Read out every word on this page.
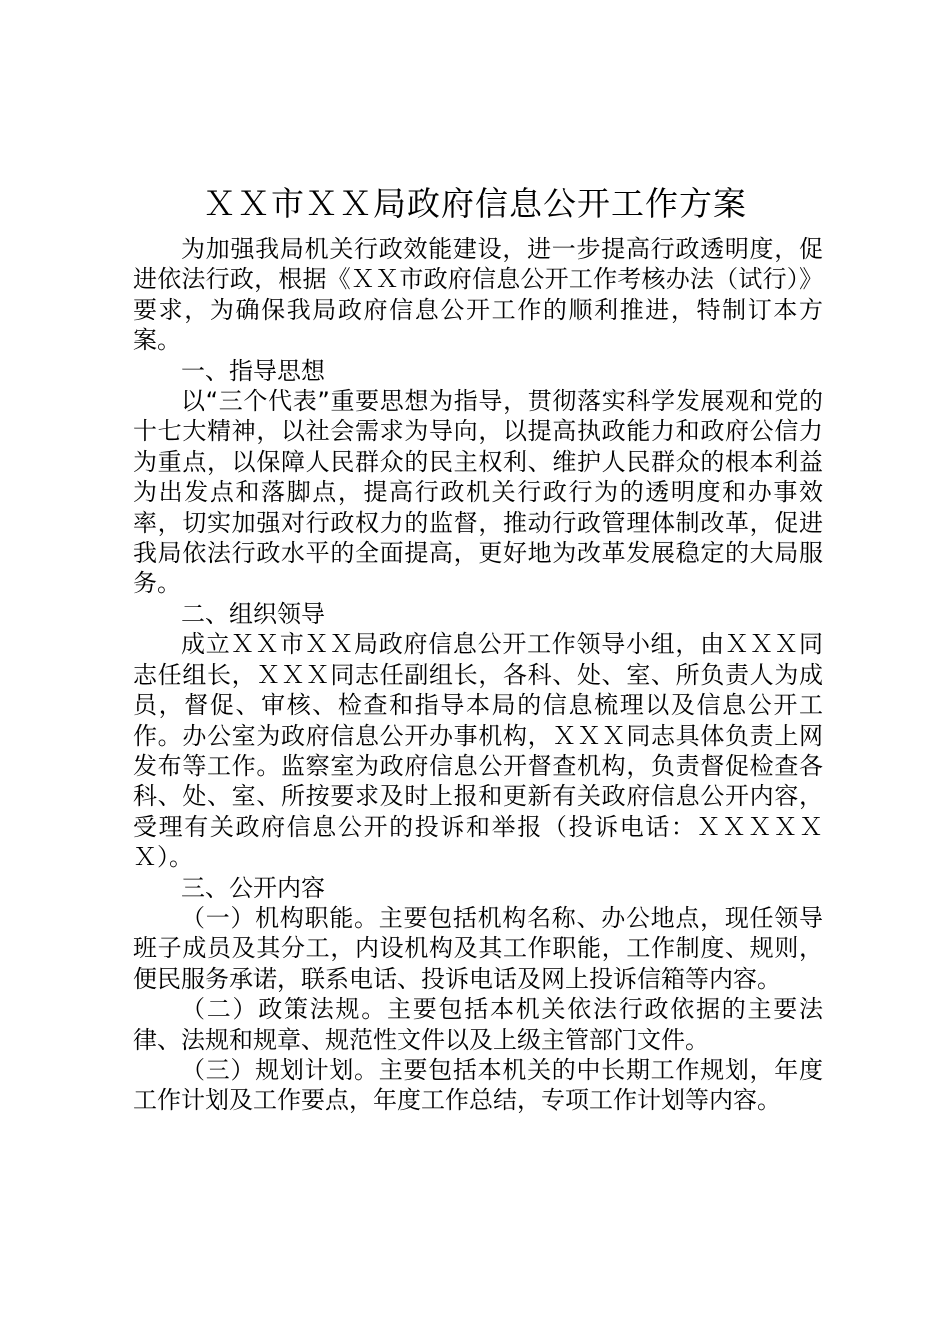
ＸＸ市ＸＸ局政府信息公开工作方案

为加强我局机关行政效能建设，进一步提高行政透明度，促进依法行政，根据《ＸＸ市政府信息公开工作考核办法（试行）》要求，为确保我局政府信息公开工作的顺利推进，特制订本方案。

一、指导思想

以“三个代表”重要思想为指导，贯彻落实科学发展观和党的十七大精神，以社会需求为导向，以提高执政能力和政府公信力为重点，以保障人民群众的民主权利、维护人民群众的根本利益为出发点和落脚点，提高行政机关行政行为的透明度和办事效率，切实加强对行政权力的监督，推动行政管理体制改革，促进我局依法行政水平的全面提高，更好地为改革发展稳定的大局服务。

二、组织领导

成立ＸＸ市ＸＸ局政府信息公开工作领导小组，由ＸＸＸ同志任组长，ＸＸＸ同志任副组长，各科、处、室、所负责人为成员，督促、审核、检查和指导本局的信息梳理以及信息公开工作。办公室为政府信息公开办事机构，ＸＸＸ同志具体负责上网发布等工作。监察室为政府信息公开督查机构，负责督促检查各科、处、室、所按要求及时上报和更新有关政府信息公开内容，受理有关政府信息公开的投诉和举报（投诉电话：ＸＸＸＸＸＸ）。

三、公开内容

（一）机构职能。主要包括机构名称、办公地点，现任领导班子成员及其分工，内设机构及其工作职能，工作制度、规则，便民服务承诺，联系电话、投诉电话及网上投诉信箱等内容。

（二）政策法规。主要包括本机关依法行政依据的主要法律、法规和规章、规范性文件以及上级主管部门文件。

（三）规划计划。主要包括本机关的中长期工作规划，年度工作计划及工作要点，年度工作总结，专项工作计划等内容。
